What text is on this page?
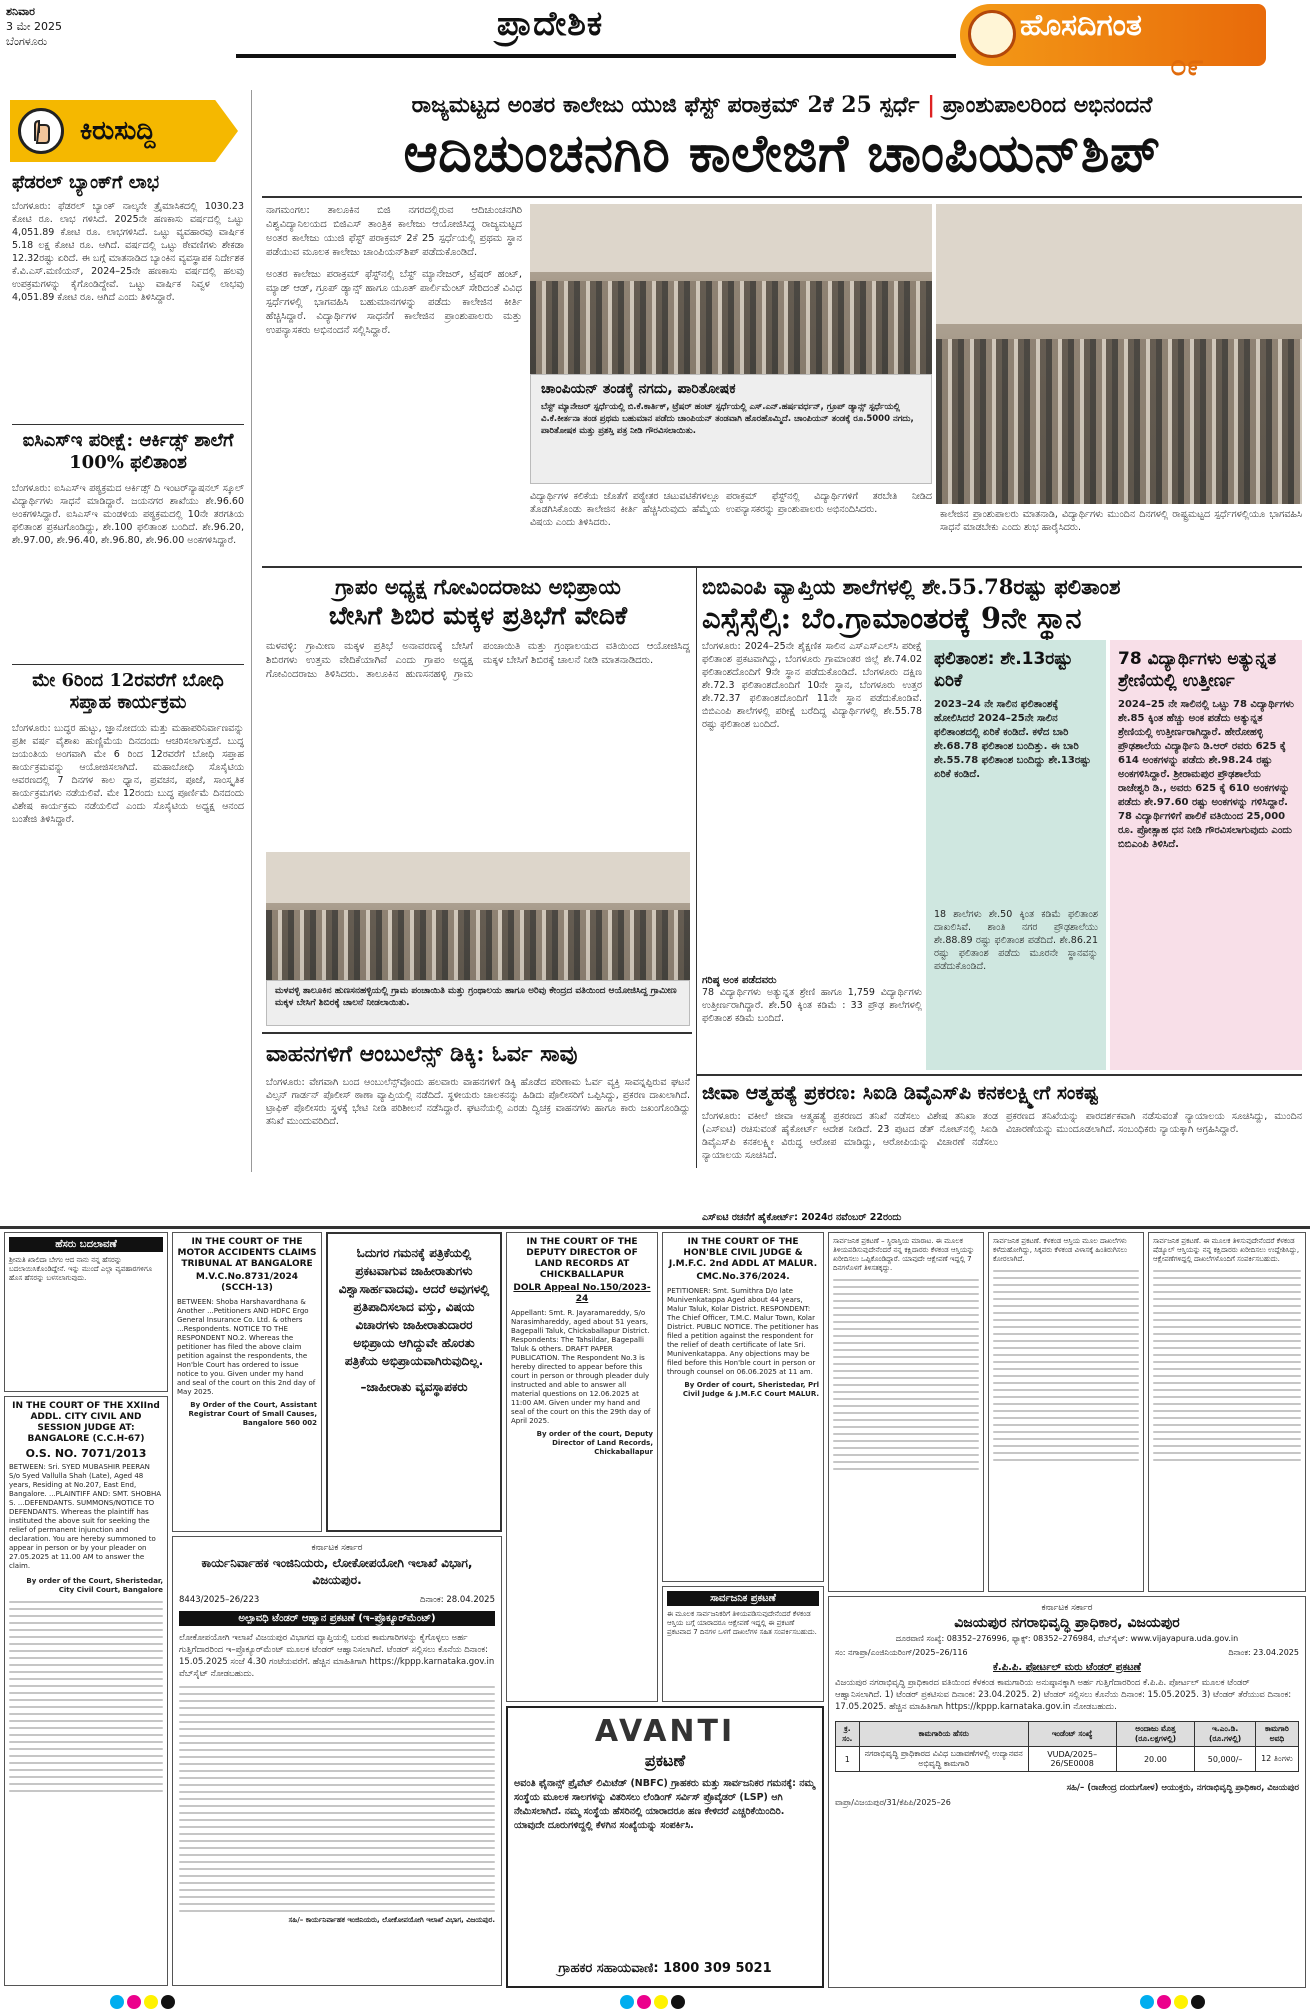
ಶನಿವಾರ
3 ಮೇ 2025
ಬೆಂಗಳೂರು	ಪ್ರಾದೇಶಿಕ	ಹೊಸದಿಗಂತ
೦೯
ಕಿರುಸುದ್ದಿ
ಫೆಡರಲ್ ಬ್ಯಾಂಕ್‌ಗೆ ಲಾಭ
ಬೆಂಗಳೂರು: ಫೆಡರಲ್ ಬ್ಯಾಂಕ್ ನಾಲ್ಕನೇ ತ್ರೈಮಾಸಿಕದಲ್ಲಿ 1030.23 ಕೋಟಿ ರೂ. ಲಾಭ ಗಳಿಸಿದೆ. 2025ನೇ ಹಣಕಾಸು ವರ್ಷದಲ್ಲಿ ಒಟ್ಟು 4,051.89 ಕೋಟಿ ರೂ. ಲಾಭಗಳಿಸಿದೆ. ಒಟ್ಟು ವ್ಯವಹಾರವು ವಾರ್ಷಿಕ 5.18 ಲಕ್ಷ ಕೋಟಿ ರೂ. ಆಗಿದೆ. ವರ್ಷದಲ್ಲಿ ಒಟ್ಟು ಠೇವಣಿಗಳು ಶೇಕಡಾ 12.32ರಷ್ಟು ಏರಿದೆ. ಈ ಬಗ್ಗೆ ಮಾತನಾಡಿದ ಬ್ಯಾಂಕಿನ ವ್ಯವಸ್ಥಾಪಕ ನಿರ್ದೇಶಕ ಕೆ.ವಿ.ಎಸ್.ಮಣಿಯನ್, 2024–25ನೇ ಹಣಕಾಸು ವರ್ಷದಲ್ಲಿ ಹಲವು ಉಪಕ್ರಮಗಳನ್ನು ಕೈಗೊಂಡಿದ್ದೇವೆ. ಒಟ್ಟು ವಾರ್ಷಿಕ ನಿವ್ವಳ ಲಾಭವು 4,051.89 ಕೋಟಿ ರೂ. ಆಗಿದೆ ಎಂದು ತಿಳಿಸಿದ್ದಾರೆ.
ಐಸಿಎಸ್‌ಇ ಪರೀಕ್ಷೆ: ಆರ್ಕಿಡ್ಸ್ ಶಾಲೆಗೆ 100% ಫಲಿತಾಂಶ
ಬೆಂಗಳೂರು: ಐಸಿಎಸ್‌ಇ ಪಠ್ಯಕ್ರಮದ ಆರ್ಕಿಡ್ಸ್ ದಿ ಇಂಟರ್‌ನ್ಯಾಷನಲ್ ಸ್ಕೂಲ್ ವಿದ್ಯಾರ್ಥಿಗಳು ಸಾಧನೆ ಮಾಡಿದ್ದಾರೆ. ಜಯನಗರ ಶಾಖೆಯು ಶೇ.96.60 ಅಂಕಗಳಿಸಿದ್ದಾರೆ. ಐಸಿಎಸ್‌ಇ ಮಂಡಳಿಯ ಪಠ್ಯಕ್ರಮದಲ್ಲಿ 10ನೇ ತರಗತಿಯ ಫಲಿತಾಂಶ ಪ್ರಕಟಗೊಂಡಿದ್ದು, ಶೇ.100 ಫಲಿತಾಂಶ ಬಂದಿದೆ. ಶೇ.96.20, ಶೇ.97.00, ಶೇ.96.40, ಶೇ.96.80, ಶೇ.96.00 ಅಂಕಗಳಿಸಿದ್ದಾರೆ.
ಮೇ 6ರಿಂದ 12ರವರೆಗೆ ಬೋಧಿ ಸಪ್ತಾಹ ಕಾರ್ಯಕ್ರಮ
ಬೆಂಗಳೂರು: ಬುದ್ಧರ ಹುಟ್ಟು, ಜ್ಞಾನೋದಯ ಮತ್ತು ಮಹಾಪರಿನಿರ್ವಾಣವನ್ನು ಪ್ರತೀ ವರ್ಷ ವೈಶಾಖ ಹುಣ್ಣಿಮೆಯ ದಿನದಂದು ಆಚರಿಸಲಾಗುತ್ತದೆ. ಬುದ್ಧ ಜಯಂತಿಯ ಅಂಗವಾಗಿ ಮೇ 6 ರಿಂದ 12ರವರೆಗೆ ಬೋಧಿ ಸಪ್ತಾಹ ಕಾರ್ಯಕ್ರಮವನ್ನು ಆಯೋಜಿಸಲಾಗಿದೆ. ಮಹಾಬೋಧಿ ಸೊಸೈಟಿಯ ಆವರಣದಲ್ಲಿ 7 ದಿನಗಳ ಕಾಲ ಧ್ಯಾನ, ಪ್ರವಚನ, ಪೂಜೆ, ಸಾಂಸ್ಕೃತಿಕ ಕಾರ್ಯಕ್ರಮಗಳು ನಡೆಯಲಿವೆ. ಮೇ 12ರಂದು ಬುದ್ಧ ಪೂರ್ಣಿಮೆ ದಿನದಂದು ವಿಶೇಷ ಕಾರ್ಯಕ್ರಮ ನಡೆಯಲಿದೆ ಎಂದು ಸೊಸೈಟಿಯ ಅಧ್ಯಕ್ಷ ಆನಂದ ಬಂತೇಜಿ ತಿಳಿಸಿದ್ದಾರೆ.
ರಾಜ್ಯಮಟ್ಟದ ಅಂತರ ಕಾಲೇಜು ಯುಜಿ ಫೆಸ್ಟ್ ಪರಾಕ್ರಮ್ 2ಕೆ 25 ಸ್ಪರ್ಧೆ | ಪ್ರಾಂಶುಪಾಲರಿಂದ ಅಭಿನಂದನೆ
ಆದಿಚುಂಚನಗಿರಿ ಕಾಲೇಜಿಗೆ ಚಾಂಪಿಯನ್‌ಶಿಪ್
ನಾಗಮಂಗಲ: ತಾಲೂಕಿನ ಬಿಜಿ ನಗರದಲ್ಲಿರುವ ಆದಿಚುಂಚನಗಿರಿ ವಿಶ್ವವಿದ್ಯಾನಿಲಯದ ಬಿಜಿಎಸ್ ತಾಂತ್ರಿಕ ಕಾಲೇಜು ಆಯೋಜಿಸಿದ್ದ ರಾಜ್ಯಮಟ್ಟದ ಅಂತರ ಕಾಲೇಜು ಯುಜಿ ಫೆಸ್ಟ್ ಪರಾಕ್ರಮ್ 2ಕೆ 25 ಸ್ಪರ್ಧೆಯಲ್ಲಿ ಪ್ರಥಮ ಸ್ಥಾನ ಪಡೆಯುವ ಮೂಲಕ ಕಾಲೇಜು ಚಾಂಪಿಯನ್‌ಶಿಪ್ ಪಡೆದುಕೊಂಡಿದೆ.
ಅಂತರ ಕಾಲೇಜು ಪರಾಕ್ರಮ್ ಫೆಸ್ಟ್‌ನಲ್ಲಿ ಬೆಸ್ಟ್ ಮ್ಯಾನೇಜರ್, ಟ್ರೆಷರ್ ಹಂಟ್, ಮ್ಯಾಡ್ ಆಡ್, ಗ್ರೂಪ್ ಡ್ಯಾನ್ಸ್ ಹಾಗೂ ಯೂತ್ ಪಾರ್ಲಿಮೆಂಟ್ ಸೇರಿದಂತೆ ವಿವಿಧ ಸ್ಪರ್ಧೆಗಳಲ್ಲಿ ಭಾಗವಹಿಸಿ ಬಹುಮಾನಗಳನ್ನು ಪಡೆದು ಕಾಲೇಜಿನ ಕೀರ್ತಿ ಹೆಚ್ಚಿಸಿದ್ದಾರೆ. ವಿದ್ಯಾರ್ಥಿಗಳ ಸಾಧನೆಗೆ ಕಾಲೇಜಿನ ಪ್ರಾಂಶುಪಾಲರು ಮತ್ತು ಉಪನ್ಯಾಸಕರು ಅಭಿನಂದನೆ ಸಲ್ಲಿಸಿದ್ದಾರೆ.
ಚಾಂಪಿಯನ್ ತಂಡಕ್ಕೆ ನಗದು, ಪಾರಿತೋಷಕ
ಬೆಸ್ಟ್ ಮ್ಯಾನೇಜರ್ ಸ್ಪರ್ಧೆಯಲ್ಲಿ ಬಿ.ಕೆ.ಕಾರ್ತಿಕ್, ಟ್ರೆಷರ್ ಹಂಟ್ ಸ್ಪರ್ಧೆಯಲ್ಲಿ ಎಸ್.ಎನ್.ಹರ್ಷವರ್ಧನ್, ಗ್ರೂಪ್ ಡ್ಯಾನ್ಸ್ ಸ್ಪರ್ಧೆಯಲ್ಲಿ ವಿ.ಕೆ.ಕೀರ್ತನಾ ತಂಡ ಪ್ರಥಮ ಬಹುಮಾನ ಪಡೆದು ಚಾಂಪಿಯನ್ ತಂಡವಾಗಿ ಹೊರಹೊಮ್ಮಿದೆ. ಚಾಂಪಿಯನ್ ತಂಡಕ್ಕೆ ರೂ.5000 ನಗದು, ಪಾರಿತೋಷಕ ಮತ್ತು ಪ್ರಶಸ್ತಿ ಪತ್ರ ನೀಡಿ ಗೌರವಿಸಲಾಯಿತು.
ವಿದ್ಯಾರ್ಥಿಗಳ ಕಲಿಕೆಯ ಜೊತೆಗೆ ಪಠ್ಯೇತರ ಚಟುವಟಿಕೆಗಳಲ್ಲೂ ತೊಡಗಿಸಿಕೊಂಡು ಕಾಲೇಜಿನ ಕೀರ್ತಿ ಹೆಚ್ಚಿಸಿರುವುದು ಹೆಮ್ಮೆಯ ವಿಷಯ ಎಂದು ತಿಳಿಸಿದರು.
ಪರಾಕ್ರಮ್ ಫೆಸ್ಟ್‌ನಲ್ಲಿ ವಿದ್ಯಾರ್ಥಿಗಳಿಗೆ ತರಬೇತಿ ನೀಡಿದ ಉಪನ್ಯಾಸಕರನ್ನು ಪ್ರಾಂಶುಪಾಲರು ಅಭಿನಂದಿಸಿದರು.	ಕಾಲೇಜಿನ ಪ್ರಾಂಶುಪಾಲರು ಮಾತನಾಡಿ, ವಿದ್ಯಾರ್ಥಿಗಳು ಮುಂದಿನ ದಿನಗಳಲ್ಲಿ ರಾಷ್ಟ್ರಮಟ್ಟದ ಸ್ಪರ್ಧೆಗಳಲ್ಲಿಯೂ ಭಾಗವಹಿಸಿ ಸಾಧನೆ ಮಾಡಬೇಕು ಎಂದು ಶುಭ ಹಾರೈಸಿದರು.
ಗ್ರಾಪಂ ಅಧ್ಯಕ್ಷ ಗೋವಿಂದರಾಜು ಅಭಿಪ್ರಾಯ
ಬೇಸಿಗೆ ಶಿಬಿರ ಮಕ್ಕಳ ಪ್ರತಿಭೆಗೆ ವೇದಿಕೆ
ಮಳವಳ್ಳಿ: ಗ್ರಾಮೀಣ ಮಕ್ಕಳ ಪ್ರತಿಭೆ ಅನಾವರಣಕ್ಕೆ ಬೇಸಿಗೆ ಶಿಬಿರಗಳು ಉತ್ತಮ ವೇದಿಕೆಯಾಗಿವೆ ಎಂದು ಗ್ರಾಪಂ ಅಧ್ಯಕ್ಷ ಗೋವಿಂದರಾಜು ತಿಳಿಸಿದರು. ತಾಲೂಕಿನ ಹುಣಸನಹಳ್ಳಿ ಗ್ರಾಮ ಪಂಚಾಯಿತಿ ಮತ್ತು ಗ್ರಂಥಾಲಯದ ವತಿಯಿಂದ ಆಯೋಜಿಸಿದ್ದ ಮಕ್ಕಳ ಬೇಸಿಗೆ ಶಿಬಿರಕ್ಕೆ ಚಾಲನೆ ನೀಡಿ ಮಾತನಾಡಿದರು.
ಮಳವಳ್ಳಿ ತಾಲೂಕಿನ ಹುಣಸನಹಳ್ಳಿಯಲ್ಲಿ ಗ್ರಾಮ ಪಂಚಾಯಿತಿ ಮತ್ತು ಗ್ರಂಥಾಲಯ ಹಾಗೂ ಅರಿವು ಕೇಂದ್ರದ ವತಿಯಿಂದ ಆಯೋಜಿಸಿದ್ದ ಗ್ರಾಮೀಣ ಮಕ್ಕಳ ಬೇಸಿಗೆ ಶಿಬಿರಕ್ಕೆ ಚಾಲನೆ ನೀಡಲಾಯಿತು.
ವಾಹನಗಳಿಗೆ ಆಂಬುಲೆನ್ಸ್ ಡಿಕ್ಕಿ: ಓರ್ವ ಸಾವು
ಬೆಂಗಳೂರು: ವೇಗವಾಗಿ ಬಂದ ಆಂಬುಲೆನ್ಸ್‌ವೊಂದು ಹಲವಾರು ವಾಹನಗಳಿಗೆ ಡಿಕ್ಕಿ ಹೊಡೆದ ಪರಿಣಾಮ ಓರ್ವ ವ್ಯಕ್ತಿ ಸಾವನ್ನಪ್ಪಿರುವ ಘಟನೆ ವಿಲ್ಸನ್ ಗಾರ್ಡನ್ ಪೊಲೀಸ್ ಠಾಣಾ ವ್ಯಾಪ್ತಿಯಲ್ಲಿ ನಡೆದಿದೆ. ಸ್ಥಳೀಯರು ಚಾಲಕನನ್ನು ಹಿಡಿದು ಪೊಲೀಸರಿಗೆ ಒಪ್ಪಿಸಿದ್ದು, ಪ್ರಕರಣ ದಾಖಲಾಗಿದೆ. ಟ್ರಾಫಿಕ್ ಪೊಲೀಸರು ಸ್ಥಳಕ್ಕೆ ಭೇಟಿ ನೀಡಿ ಪರಿಶೀಲನೆ ನಡೆಸಿದ್ದಾರೆ. ಘಟನೆಯಲ್ಲಿ ಎರಡು ದ್ವಿಚಕ್ರ ವಾಹನಗಳು ಹಾಗೂ ಕಾರು ಜಖಂಗೊಂಡಿದ್ದು ತನಿಖೆ ಮುಂದುವರಿದಿದೆ.
ಬಿಬಿಎಂಪಿ ವ್ಯಾಪ್ತಿಯ ಶಾಲೆಗಳಲ್ಲಿ ಶೇ.55.78ರಷ್ಟು ಫಲಿತಾಂಶ
ಎಸ್ಸೆಸ್ಸೆಲ್ಸಿ: ಬೆಂ.ಗ್ರಾಮಾಂತರಕ್ಕೆ 9ನೇ ಸ್ಥಾನ
ಬೆಂಗಳೂರು: 2024–25ನೇ ಶೈಕ್ಷಣಿಕ ಸಾಲಿನ ಎಸ್ಎಸ್ಎಲ್‌ಸಿ ಪರೀಕ್ಷೆ ಫಲಿತಾಂಶ ಪ್ರಕಟವಾಗಿದ್ದು, ಬೆಂಗಳೂರು ಗ್ರಾಮಾಂತರ ಜಿಲ್ಲೆ ಶೇ.74.02 ಫಲಿತಾಂಶದೊಂದಿಗೆ 9ನೇ ಸ್ಥಾನ ಪಡೆದುಕೊಂಡಿದೆ. ಬೆಂಗಳೂರು ದಕ್ಷಿಣ ಶೇ.72.3 ಫಲಿತಾಂಶದೊಂದಿಗೆ 10ನೇ ಸ್ಥಾನ, ಬೆಂಗಳೂರು ಉತ್ತರ ಶೇ.72.37 ಫಲಿತಾಂಶದೊಂದಿಗೆ 11ನೇ ಸ್ಥಾನ ಪಡೆದುಕೊಂಡಿವೆ. ಬಿಬಿಎಂಪಿ ಶಾಲೆಗಳಲ್ಲಿ ಪರೀಕ್ಷೆ ಬರೆದಿದ್ದ ವಿದ್ಯಾರ್ಥಿಗಳಲ್ಲಿ ಶೇ.55.78 ರಷ್ಟು ಫಲಿತಾಂಶ ಬಂದಿದೆ.
ಗರಿಷ್ಠ ಅಂಕ ಪಡೆದವರು
78 ವಿದ್ಯಾರ್ಥಿಗಳು ಅತ್ಯುನ್ನತ ಶ್ರೇಣಿ ಹಾಗೂ 1,759 ವಿದ್ಯಾರ್ಥಿಗಳು ಉತ್ತೀರ್ಣರಾಗಿದ್ದಾರೆ. ಶೇ.50 ಕ್ಕಿಂತ ಕಡಿಮೆ : 33 ಪ್ರೌಢ ಶಾಲೆಗಳಲ್ಲಿ ಫಲಿತಾಂಶ ಕಡಿಮೆ ಬಂದಿದೆ.
ಫಲಿತಾಂಶ: ಶೇ.13ರಷ್ಟು ಏರಿಕೆ
2023–24 ನೇ ಸಾಲಿನ ಫಲಿತಾಂಶಕ್ಕೆ ಹೋಲಿಸಿದರೆ 2024–25ನೇ ಸಾಲಿನ ಫಲಿತಾಂಶದಲ್ಲಿ ಏರಿಕೆ ಕಂಡಿದೆ. ಕಳೆದ ಬಾರಿ ಶೇ.68.78 ಫಲಿತಾಂಶ ಬಂದಿತ್ತು. ಈ ಬಾರಿ ಶೇ.55.78 ಫಲಿತಾಂಶ ಬಂದಿದ್ದು ಶೇ.13ರಷ್ಟು ಏರಿಕೆ ಕಂಡಿದೆ.
18 ಶಾಲೆಗಳು ಶೇ.50 ಕ್ಕಿಂತ ಕಡಿಮೆ ಫಲಿತಾಂಶ ದಾಖಲಿಸಿವೆ. ಶಾಂತಿ ನಗರ ಪ್ರೌಢಶಾಲೆಯು ಶೇ.88.89 ರಷ್ಟು ಫಲಿತಾಂಶ ಪಡೆದಿದೆ. ಶೇ.86.21 ರಷ್ಟು ಫಲಿತಾಂಶ ಪಡೆದು ಮೂರನೇ ಸ್ಥಾನವನ್ನು ಪಡೆದುಕೊಂಡಿದೆ.
78 ವಿದ್ಯಾರ್ಥಿಗಳು ಅತ್ಯುನ್ನತ ಶ್ರೇಣಿಯಲ್ಲಿ ಉತ್ತೀರ್ಣ
2024–25 ನೇ ಸಾಲಿನಲ್ಲಿ ಒಟ್ಟು 78 ವಿದ್ಯಾರ್ಥಿಗಳು ಶೇ.85 ಕ್ಕಿಂತ ಹೆಚ್ಚು ಅಂಕ ಪಡೆದು ಅತ್ಯುನ್ನತ ಶ್ರೇಣಿಯಲ್ಲಿ ಉತ್ತೀರ್ಣರಾಗಿದ್ದಾರೆ. ಹೇರೋಹಳ್ಳಿ ಪ್ರೌಢಶಾಲೆಯ ವಿದ್ಯಾರ್ಥಿನಿ ಡಿ.ಆರ್ ರವರು 625 ಕ್ಕೆ 614 ಅಂಕಗಳನ್ನು ಪಡೆದು ಶೇ.98.24 ರಷ್ಟು ಅಂಕಗಳಿಸಿದ್ದಾರೆ. ಶ್ರೀರಾಮಪುರ ಪ್ರೌಢಶಾಲೆಯ ರಾಜೇಶ್ವರಿ ಡಿ., ಅವರು 625 ಕ್ಕೆ 610 ಅಂಕಗಳನ್ನು ಪಡೆದು ಶೇ.97.60 ರಷ್ಟು ಅಂಕಗಳನ್ನು ಗಳಿಸಿದ್ದಾರೆ. 78 ವಿದ್ಯಾರ್ಥಿಗಳಿಗೆ ಪಾಲಿಕೆ ವತಿಯಿಂದ 25,000 ರೂ. ಪ್ರೋತ್ಸಾಹ ಧನ ನೀಡಿ ಗೌರವಿಸಲಾಗುವುದು ಎಂದು ಬಿಬಿಎಂಪಿ ತಿಳಿಸಿದೆ.
ಜೀವಾ ಆತ್ಮಹತ್ಯೆ ಪ್ರಕರಣ: ಸಿಐಡಿ ಡಿವೈಎಸ್‌ಪಿ ಕನಕಲಕ್ಷ್ಮೀಗೆ ಸಂಕಷ್ಟ
ಬೆಂಗಳೂರು: ವಕೀಲೆ ಜೀವಾ ಆತ್ಮಹತ್ಯೆ ಪ್ರಕರಣದ ತನಿಖೆ ನಡೆಸಲು ವಿಶೇಷ ತನಿಖಾ ತಂಡ (ಎಸ್ಐಟಿ) ರಚಿಸುವಂತೆ ಹೈಕೋರ್ಟ್ ಆದೇಶ ನೀಡಿದೆ. 23 ಪುಟದ ಡೆತ್ ನೋಟ್‌ನಲ್ಲಿ ಸಿಐಡಿ ಡಿವೈಎಸ್‌ಪಿ ಕನಕಲಕ್ಷ್ಮೀ ವಿರುದ್ಧ ಆರೋಪ ಮಾಡಿದ್ದು, ಆರೋಪಿಯನ್ನು ವಿಚಾರಣೆ ನಡೆಸಲು ನ್ಯಾಯಾಲಯ ಸೂಚಿಸಿದೆ.
ಪ್ರಕರಣದ ತನಿಖೆಯನ್ನು ಪಾರದರ್ಶಕವಾಗಿ ನಡೆಸುವಂತೆ ನ್ಯಾಯಾಲಯ ಸೂಚಿಸಿದ್ದು, ಮುಂದಿನ ವಿಚಾರಣೆಯನ್ನು ಮುಂದೂಡಲಾಗಿದೆ. ಸಂಬಂಧಿಕರು ನ್ಯಾಯಕ್ಕಾಗಿ ಆಗ್ರಹಿಸಿದ್ದಾರೆ.
ಎಸ್ಐಟಿ ರಚನೆಗೆ ಹೈಕೋರ್ಟ್: 2024ರ ನವೆಂಬರ್ 22ರಂದು
ಹೆಸರು ಬದಲಾವಣೆ
ಶ್ರೀಮತಿ ಖಾಲಿದಾ ಬೇಗಂ ಆದ ನಾನು ನನ್ನ ಹೆಸರನ್ನು ಬದಲಾಯಿಸಿಕೊಂಡಿದ್ದೇನೆ. ಇನ್ನು ಮುಂದೆ ಎಲ್ಲಾ ವ್ಯವಹಾರಗಳಿಗೂ ಹೊಸ ಹೆಸರನ್ನು ಬಳಸಲಾಗುವುದು.
IN THE COURT OF THE MOTOR ACCIDENTS CLAIMS TRIBUNAL AT BANGALORE
M.V.C.No.8731/2024 (SCCH-13)
BETWEEN: Shoba Harshavardhana & Another ...Petitioners AND HDFC Ergo General Insurance Co. Ltd. & others ...Respondents. NOTICE TO THE RESPONDENT NO.2. Whereas the petitioner has filed the above claim petition against the respondents, the Hon'ble Court has ordered to issue notice to you. Given under my hand and seal of the court on this 2nd day of May 2025.
By Order of the Court, Assistant Registrar Court of Small Causes, Bangalore 560 002
ಓದುಗರ ಗಮನಕ್ಕೆ ಪತ್ರಿಕೆಯಲ್ಲಿ ಪ್ರಕಟವಾಗುವ ಜಾಹೀರಾತುಗಳು ವಿಶ್ವಾಸಾರ್ಹವಾದವು. ಆದರೆ ಅವುಗಳಲ್ಲಿ ಪ್ರತಿಪಾದಿಸಲಾದ ವಸ್ತು, ವಿಷಯ ವಿಚಾರಗಳು ಜಾಹೀರಾತುದಾರರ ಅಭಿಪ್ರಾಯ ಆಗಿದ್ದುವೇ ಹೊರತು ಪತ್ರಿಕೆಯ ಅಭಿಪ್ರಾಯವಾಗಿರುವುದಿಲ್ಲ.
–ಜಾಹೀರಾತು ವ್ಯವಸ್ಥಾಪಕರು
IN THE COURT OF THE DEPUTY DIRECTOR OF LAND RECORDS AT CHICKBALLAPUR
DOLR Appeal No.150/2023-24
Appellant: Smt. R. Jayaramareddy, S/o Narasimhareddy, aged about 51 years, Bagepalli Taluk, Chickaballapur District. Respondents: The Tahsildar, Bagepalli Taluk & others. DRAFT PAPER PUBLICATION. The Respondent No.3 is hereby directed to appear before this court in person or through pleader duly instructed and able to answer all material questions on 12.06.2025 at 11:00 AM. Given under my hand and seal of the court on this the 29th day of April 2025.
By order of the court, Deputy Director of Land Records, Chickaballapur
IN THE COURT OF THE HON'BLE CIVIL JUDGE & J.M.F.C. 2nd ADDL AT MALUR.
CMC.No.376/2024.
PETITIONER: Smt. Sumithra D/o late Munivenkatappa Aged about 44 years, Malur Taluk, Kolar District. RESPONDENT: The Chief Officer, T.M.C. Malur Town, Kolar District. PUBLIC NOTICE. The petitioner has filed a petition against the respondent for the relief of death certificate of late Sri. Munivenkatappa. Any objections may be filed before this Hon'ble court in person or through counsel on 06.06.2025 at 11 am.
By Order of court, Sheristedar, Prl Civil Judge & J.M.F.C Court MALUR.
ಸಾರ್ವಜನಿಕ ಪ್ರಕಟಣೆ – ಸ್ಥಿರಾಸ್ತಿಯ ಮಾರಾಟ. ಈ ಮೂಲಕ ತಿಳಿಯಪಡಿಸುವುದೇನೆಂದರೆ ನನ್ನ ಕಕ್ಷಿದಾರರು ಕೆಳಕಂಡ ಆಸ್ತಿಯನ್ನು ಖರೀದಿಸಲು ಒಪ್ಪಿಕೊಂಡಿದ್ದಾರೆ. ಯಾವುದೇ ಆಕ್ಷೇಪಣೆ ಇದ್ದಲ್ಲಿ 7 ದಿನಗಳೊಳಗೆ ತಿಳಿಸತಕ್ಕದ್ದು.
ಸಾರ್ವಜನಿಕ ಪ್ರಕಟಣೆ. ಕೆಳಕಂಡ ಆಸ್ತಿಯ ಮೂಲ ದಾಖಲೆಗಳು ಕಳೆದುಹೋಗಿದ್ದು, ಸಿಕ್ಕವರು ಕೆಳಕಂಡ ವಿಳಾಸಕ್ಕೆ ಹಿಂತಿರುಗಿಸಲು ಕೋರಲಾಗಿದೆ.
ಸಾರ್ವಜನಿಕ ಪ್ರಕಟಣೆ. ಈ ಮೂಲಕ ತಿಳಿಸುವುದೇನೆಂದರೆ ಕೆಳಕಂಡ ಷೆಡ್ಯೂಲ್ ಆಸ್ತಿಯನ್ನು ನನ್ನ ಕಕ್ಷಿದಾರರು ಖರೀದಿಸಲು ಉದ್ದೇಶಿಸಿದ್ದು, ಆಕ್ಷೇಪಣೆಗಳಿದ್ದಲ್ಲಿ ದಾಖಲೆಗಳೊಂದಿಗೆ ಸಂಪರ್ಕಿಸಬಹುದು.
IN THE COURT OF THE XXIInd ADDL. CITY CIVIL AND SESSION JUDGE AT: BANGALORE (C.C.H-67)
O.S. NO. 7071/2013
BETWEEN: Sri. SYED MUBASHIR PEERAN S/o Syed Vallulla Shah (Late), Aged 48 years, Residing at No.207, East End, Bangalore. ...PLAINTIFF AND: SMT. SHOBHA S. ...DEFENDANTS. SUMMONS/NOTICE TO DEFENDANTS. Whereas the plaintiff has instituted the above suit for seeking the relief of permanent injunction and declaration. You are hereby summoned to appear in person or by your pleader on 27.05.2025 at 11.00 AM to answer the claim.
By order of the Court, Sheristedar, City Civil Court, Bangalore
ಕರ್ನಾಟಕ ಸರ್ಕಾರ
ಕಾರ್ಯನಿರ್ವಾಹಕ ಇಂಜಿನಿಯರು, ಲೋಕೋಪಯೋಗಿ ಇಲಾಖೆ ವಿಭಾಗ, ವಿಜಯಪುರ.
8443/2025–26/223	ದಿನಾಂಕ: 28.04.2025
ಅಲ್ಪಾವಧಿ ಟೆಂಡರ್ ಆಹ್ವಾನ ಪ್ರಕಟಣೆ (ಇ–ಪ್ರೊಕ್ಯೂರ್‌ಮೆಂಟ್)
ಲೋಕೋಪಯೋಗಿ ಇಲಾಖೆ ವಿಜಯಪುರ ವಿಭಾಗದ ವ್ಯಾಪ್ತಿಯಲ್ಲಿ ಬರುವ ಕಾಮಗಾರಿಗಳನ್ನು ಕೈಗೊಳ್ಳಲು ಅರ್ಹ ಗುತ್ತಿಗೆದಾರರಿಂದ ಇ–ಪ್ರೊಕ್ಯೂರ್‌ಮೆಂಟ್ ಮೂಲಕ ಟೆಂಡರ್ ಆಹ್ವಾನಿಸಲಾಗಿದೆ. ಟೆಂಡರ್ ಸಲ್ಲಿಸಲು ಕೊನೆಯ ದಿನಾಂಕ: 15.05.2025 ಸಂಜೆ 4.30 ಗಂಟೆಯವರೆಗೆ. ಹೆಚ್ಚಿನ ಮಾಹಿತಿಗಾಗಿ https://kppp.karnataka.gov.in ವೆಬ್‌ಸೈಟ್ ನೋಡಬಹುದು.
ಸಹಿ/– ಕಾರ್ಯನಿರ್ವಾಹಕ ಇಂಜಿನಿಯರು, ಲೋಕೋಪಯೋಗಿ ಇಲಾಖೆ ವಿಭಾಗ, ವಿಜಯಪುರ.
ಸಾರ್ವಜನಿಕ ಪ್ರಕಟಣೆ
ಈ ಮೂಲಕ ಸಾರ್ವಜನಿಕರಿಗೆ ತಿಳಿಯಪಡಿಸುವುದೇನೆಂದರೆ ಕೆಳಕಂಡ ಆಸ್ತಿಯ ಬಗ್ಗೆ ಯಾರಾದರೂ ಆಕ್ಷೇಪಣೆ ಇದ್ದಲ್ಲಿ ಈ ಪ್ರಕಟಣೆ ಪ್ರಕಟವಾದ 7 ದಿನಗಳ ಒಳಗೆ ದಾಖಲೆಗಳ ಸಹಿತ ಸಂಪರ್ಕಿಸಬಹುದು.
AVANTI
ಪ್ರಕಟಣೆ
ಅವಂತಿ ಫೈನಾನ್ಸ್ ಪ್ರೈವೆಟ್ ಲಿಮಿಟೆಡ್ (NBFC) ಗ್ರಾಹಕರು ಮತ್ತು ಸಾರ್ವಜನಿಕರ ಗಮನಕ್ಕೆ: ನಮ್ಮ ಸಂಸ್ಥೆಯ ಮೂಲಕ ಸಾಲಗಳನ್ನು ವಿತರಿಸಲು ಲೆಂಡಿಂಗ್ ಸರ್ವಿಸ್ ಪ್ರೊವೈಡರ್ (LSP) ಆಗಿ ನೇಮಿಸಲಾಗಿದೆ. ನಮ್ಮ ಸಂಸ್ಥೆಯ ಹೆಸರಿನಲ್ಲಿ ಯಾರಾದರೂ ಹಣ ಕೇಳಿದರೆ ಎಚ್ಚರಿಕೆಯಿಂದಿರಿ. ಯಾವುದೇ ದೂರುಗಳಿದ್ದಲ್ಲಿ ಕೆಳಗಿನ ಸಂಖ್ಯೆಯನ್ನು ಸಂಪರ್ಕಿಸಿ.
ಗ್ರಾಹಕರ ಸಹಾಯವಾಣಿ: 1800 309 5021
ಕರ್ನಾಟಕ ಸರ್ಕಾರ
ವಿಜಯಪುರ ನಗರಾಭಿವೃದ್ಧಿ ಪ್ರಾಧಿಕಾರ, ವಿಜಯಪುರ
ದೂರವಾಣಿ ಸಂಖ್ಯೆ: 08352–276996, ಫ್ಯಾಕ್ಸ್: 08352–276984, ವೆಬ್‌ಸೈಟ್: www.vijayapura.uda.gov.in
ಸಂ: ನಗಾಪ್ರಾ/ಎಂಜಿನಿಯರಿಂಗ್/2025–26/116	ದಿನಾಂಕ: 23.04.2025
ಕೆ.ಪಿ.ಪಿ. ಪೋರ್ಟಲ್ ಮರು ಟೆಂಡರ್ ಪ್ರಕಟಣೆ
ವಿಜಯಪುರ ನಗರಾಭಿವೃದ್ಧಿ ಪ್ರಾಧಿಕಾರದ ವತಿಯಿಂದ ಕೆಳಕಂಡ ಕಾಮಗಾರಿಯ ಅನುಷ್ಠಾನಕ್ಕಾಗಿ ಅರ್ಹ ಗುತ್ತಿಗೆದಾರರಿಂದ ಕೆ.ಪಿ.ಪಿ. ಪೋರ್ಟಲ್ ಮೂಲಕ ಟೆಂಡರ್ ಆಹ್ವಾನಿಸಲಾಗಿದೆ. 1) ಟೆಂಡರ್ ಪ್ರಕಟಿಸುವ ದಿನಾಂಕ: 23.04.2025. 2) ಟೆಂಡರ್ ಸಲ್ಲಿಸಲು ಕೊನೆಯ ದಿನಾಂಕ: 15.05.2025. 3) ಟೆಂಡರ್ ತೆರೆಯುವ ದಿನಾಂಕ: 17.05.2025. ಹೆಚ್ಚಿನ ಮಾಹಿತಿಗಾಗಿ https://kppp.karnataka.gov.in ನೋಡಬಹುದು.
ಕ್ರ. ಸಂ.	ಕಾಮಗಾರಿಯ ಹೆಸರು	ಇಂಡೆಂಟ್ ಸಂಖ್ಯೆ	ಅಂದಾಜು ಮೊತ್ತ (ರೂ.ಲಕ್ಷಗಳಲ್ಲಿ)	ಇ.ಎಂ.ಡಿ. (ರೂ.ಗಳಲ್ಲಿ)	ಕಾಮಗಾರಿ ಅವಧಿ
1	ನಗರಾಭಿವೃದ್ಧಿ ಪ್ರಾಧಿಕಾರದ ವಿವಿಧ ಬಡಾವಣೆಗಳಲ್ಲಿ ಉದ್ಯಾನವನ ಅಭಿವೃದ್ಧಿ ಕಾಮಗಾರಿ	VUDA/2025–26/SE0008	20.00	50,000/–	12 ತಿಂಗಳು
ಸಹಿ/– (ರಾಜೇಂದ್ರ ದಂದುಗೋಳ) ಆಯುಕ್ತರು, ನಗರಾಭಿವೃದ್ಧಿ ಪ್ರಾಧಿಕಾರ, ವಿಜಯಪುರ
ವಾಪ್ರಾ/ವಿಜಯಪುರ/31/ಕೆಪಿಪಿ/2025–26
